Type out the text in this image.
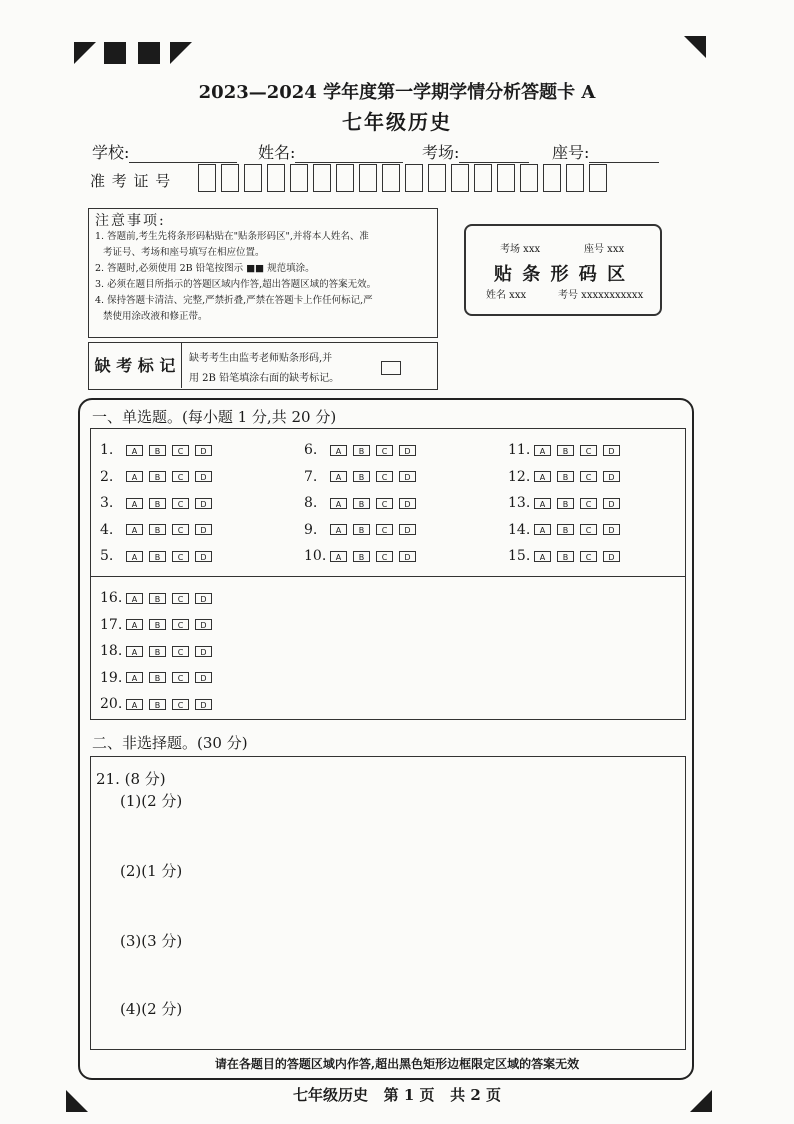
2023—2024 学年度第一学期学情分析答题卡 A
七年级历史
学校:	姓名:	考场:	座号:
准 考 证 号
注意事项:
1. 答题前,考生先将条形码粘贴在"贴条形码区",并将本人姓名、准
考证号、考场和座号填写在相应位置。
2. 答题时,必须使用 2B 铅笔按图示 ■■ 规范填涂。
3. 必须在题目所指示的答题区域内作答,超出答题区域的答案无效。
4. 保持答题卡清洁、完整,严禁折叠,严禁在答题卡上作任何标记,严
禁使用涂改液和修正带。
考场 xxx	座号 xxx
贴 条 形 码 区
姓名 xxx	考号 xxxxxxxxxxx
缺 考 标 记	缺考考生由监考老师贴条形码,并
用 2B 铅笔填涂右面的缺考标记。
一、单选题。(每小题 1 分,共 20 分)
1.	A	B	C	D
2.	A	B	C	D
3.	A	B	C	D
4.	A	B	C	D
5.	A	B	C	D
6.	A	B	C	D
7.	A	B	C	D
8.	A	B	C	D
9.	A	B	C	D
10.	A	B	C	D
11.	A	B	C	D
12.	A	B	C	D
13.	A	B	C	D
14.	A	B	C	D
15.	A	B	C	D
16.	A	B	C	D
17.	A	B	C	D
18.	A	B	C	D
19.	A	B	C	D
20.	A	B	C	D
二、非选择题。(30 分)
21. (8 分)
(1)(2 分)
(2)(1 分)
(3)(3 分)
(4)(2 分)
请在各题目的答题区域内作答,超出黑色矩形边框限定区域的答案无效
七年级历史   第 1 页   共 2 页
